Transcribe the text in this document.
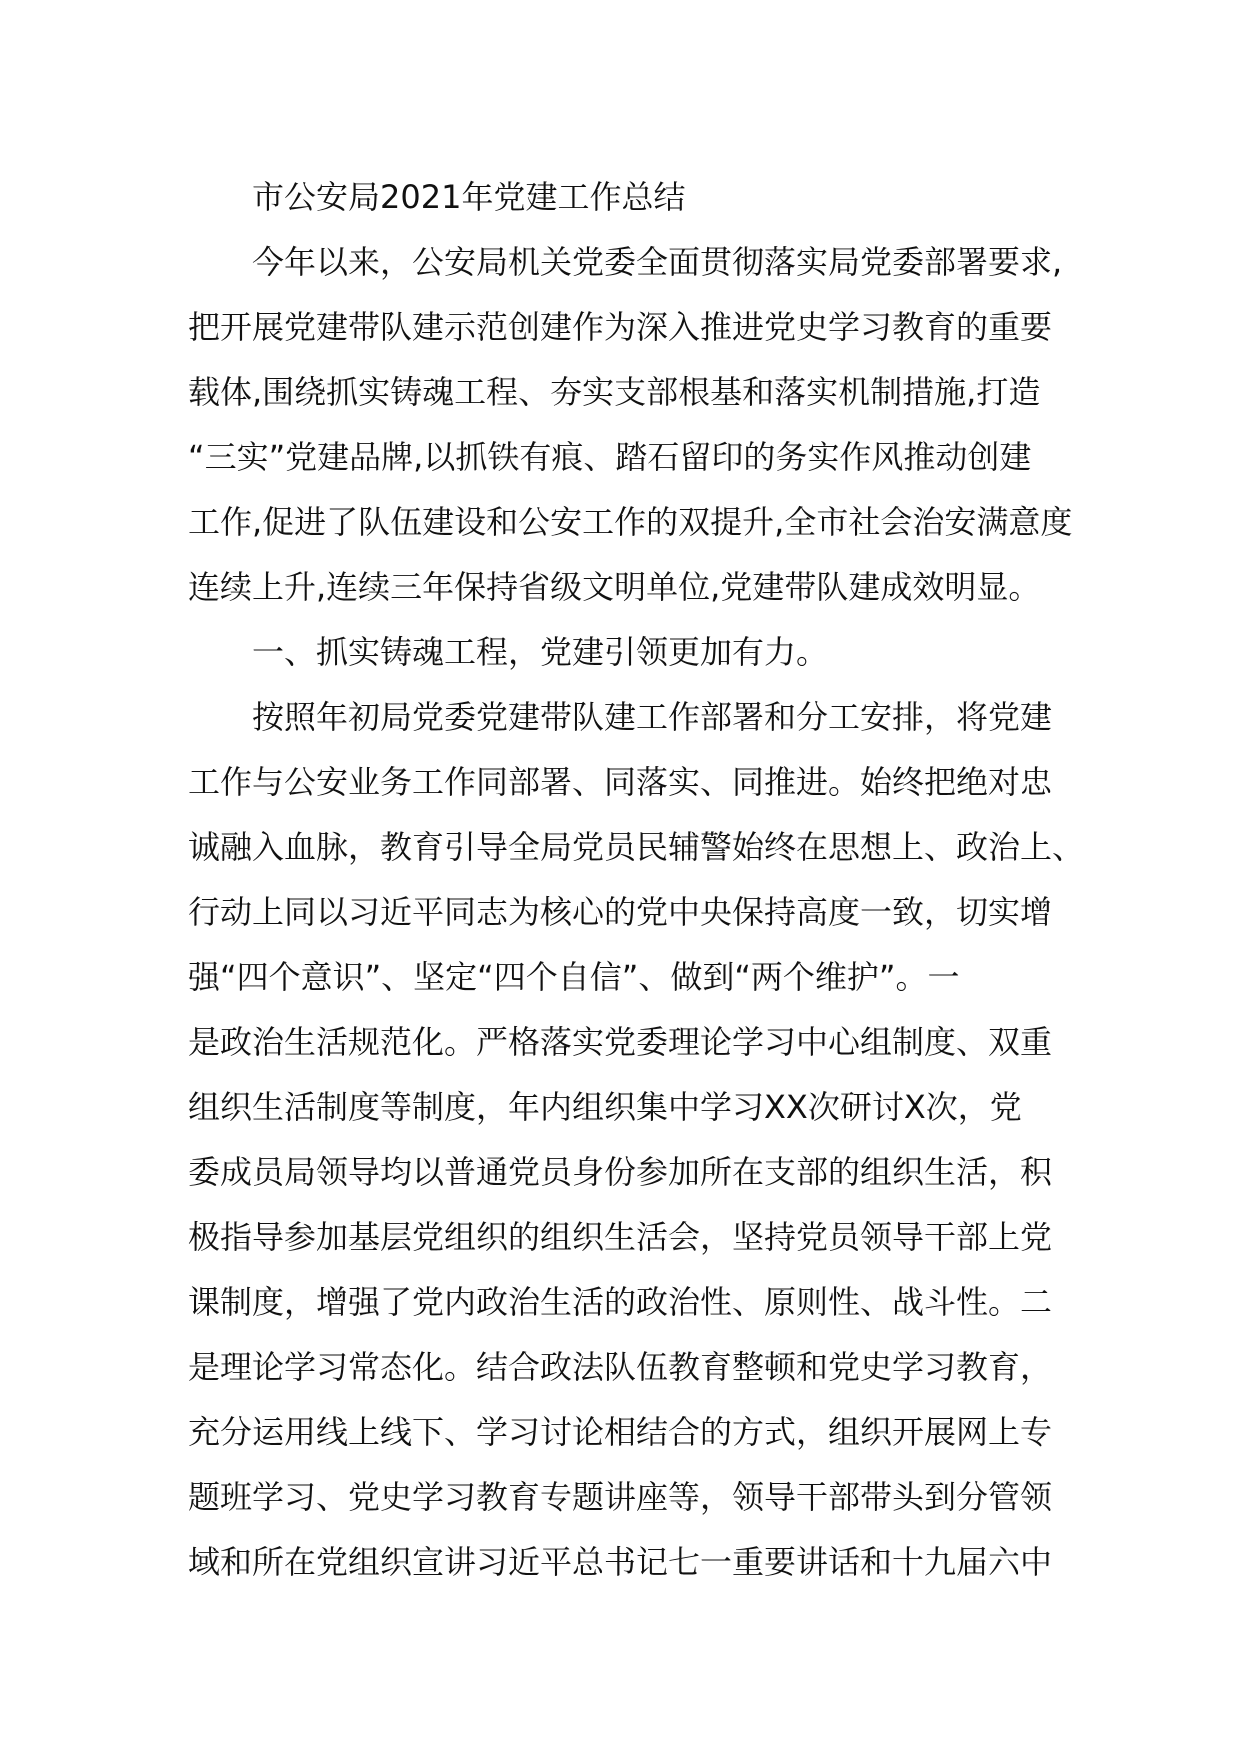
市公安局2021年党建工作总结
今年以来，公安局机关党委全面贯彻落实局党委部署要求,
把开展党建带队建示范创建作为深入推进党史学习教育的重要
载体,围绕抓实铸魂工程、夯实支部根基和落实机制措施,打造
“三实”党建品牌,以抓铁有痕、踏石留印的务实作风推动创建
工作,促进了队伍建设和公安工作的双提升,全市社会治安满意度
连续上升,连续三年保持省级文明单位,党建带队建成效明显。
一、抓实铸魂工程，党建引领更加有力。
按照年初局党委党建带队建工作部署和分工安排，将党建
工作与公安业务工作同部署、同落实、同推进。始终把绝对忠
诚融入血脉，教育引导全局党员民辅警始终在思想上、政治上、
行动上同以习近平同志为核心的党中央保持高度一致，切实增
强“四个意识”、坚定“四个自信”、做到“两个维护”。一
是政治生活规范化。严格落实党委理论学习中心组制度、双重
组织生活制度等制度，年内组织集中学习XX次研讨X次，党
委成员局领导均以普通党员身份参加所在支部的组织生活，积
极指导参加基层党组织的组织生活会，坚持党员领导干部上党
课制度，增强了党内政治生活的政治性、原则性、战斗性。二
是理论学习常态化。结合政法队伍教育整顿和党史学习教育，
充分运用线上线下、学习讨论相结合的方式，组织开展网上专
题班学习、党史学习教育专题讲座等，领导干部带头到分管领
域和所在党组织宣讲习近平总书记七一重要讲话和十九届六中
